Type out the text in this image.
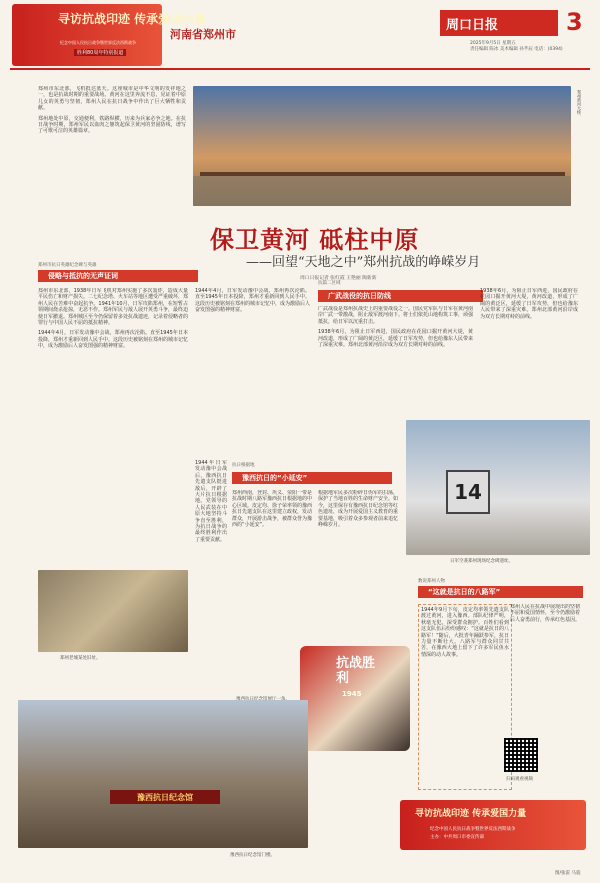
寻访抗战印迹 传承爱国力量
纪念中国人民抗日战争暨世界反法西斯战争
胜利80周年特别报道
河南省郑州市
周口日报	3
2025年9月5日 星期五
责任编辑 陈冰 美术编辑 孙芊辰 电话：(0394)
郑州市东北部，飞机抵达蓝天。这座城市是中华文明的发祥地之一，也是抗战时期的重要战场。黄河在这里奔流不息，见证着中原儿女的英勇与坚韧，郑州人民在抗日战争中作出了巨大牺牲和贡献。
郑州地处中原，交通便利，铁路纵横，历来为兵家必争之地。在抗日战争时期，郑州军民以血肉之躯筑起保卫黄河的坚固防线，谱写了可歌可泣的英雄篇章。
郑州黄河大桥。
保卫黄河 砥柱中原
——回望“天地之中”郑州抗战的峥嵘岁月
周口日报记者 张红霞 王艳丽 陶新新
郑州市抗日英雄纪念碑与英雄
侵略与抵抗的无声证词
郑州市东北部，1938年日军飞机对郑州实施了多次轰炸，造成大量平民伤亡和财产损失。二七纪念塔、火车站等地区遭受严重破坏，郑州人民在苦难中奋起抗争。1941年10月，日军攻陷郑州，在短暂占领期间烧杀抢掠，无恶不作。郑州军民与敌人展开英勇斗争，最终迫使日军撤退。郑州城区至今仍保留着多处抗战遗迹，记录着侵略者的罪行与中国人民不屈的抵抗精神。
1944年4月，日军发动豫中会战，郑州再次沦陷。直至1945年日本投降，郑州才重新回到人民手中。这段历史被铭刻在郑州的城市记忆中，成为激励后人奋发图强的精神财富。
郑州老城某处旧址。
1944年4月，日军发动豫中会战，郑州再次沦陷。直至1945年日本投降，郑州才重新回到人民手中。这段历史被铭刻在郑州的城市记忆中，成为激励后人奋发图强的精神财富。
抗篇二区域
广武战役的抗日防线
广武战役是郑州抗战史上的重要战役之一。国民党军队与日军在黄河南岸广武一带激战，阻止敌军渡河南下。将士们依托山地构筑工事，顽强抵抗，给日军以沉重打击。
1938年6月，为阻止日军西进，国民政府在花园口掘开黄河大堤，黄河改道，形成了广阔的黄泛区，延缓了日军攻势，但也给豫东人民带来了深重灾难。郑州北部黄河沿岸成为双方长期对峙的前线。
1938年6月，为阻止日军西进，国民政府在花园口掘开黄河大堤，黄河改道，形成了广阔的黄泛区，延缓了日军攻势，但也给豫东人民带来了深重灾难。郑州北部黄河沿岸成为双方长期对峙的前线。
抗日根据地
豫西抗日的“小延安”
郑州西南，登封、巩义、荥阳一带是抗战时期八路军豫西抗日根据地的中心区域。皮定均、徐子荣率领的豫西抗日先遣支队在这里建立政权，发动群众，开展游击战争，被群众誉为豫西的“小延安”。
根据地军民多次粉碎日伪军的扫荡，保护了当地百姓的生命财产安全。如今，这里保存有豫西抗日纪念馆等红色遗址，成为开展爱国主义教育的重要基地，吸引着众多参观者前来追忆峥嵘岁月。
1944年日军发动豫中会战后，豫西抗日先遣支队挺进敌后，开辟了大片抗日根据地。党领导的人民武装在中原大地坚持斗争直至胜利，为抗日战争的最终胜利作出了重要贡献。
14
日军空袭郑州现场纪念碑遗址。
数说郑州人物
“这就是抗日的八路军”
1944年9月下旬，皮定均率领先遣支队渡过黄河，进入豫西。部队纪律严明，秋毫无犯，深受群众拥护。百姓们看到这支队伍后纷纷感叹：“这就是抗日的八路军！”随后，大批青年踊跃参军，抗日力量不断壮大。八路军与群众同甘共苦，在豫西大地上留下了许多军民鱼水情深的动人故事。
郑州人民在抗战中展现出的坚韧不屈和爱国情怀，至今仍激励着后人奋勇前行，传承红色基因。
扫码观看视频
抗战胜利
1945
豫西抗日纪念馆
豫西抗日纪念馆门楼。
寻访抗战印迹 传承爱国力量
纪念中国人民抗日战争暨世界反法西斯战争
主办：中共周口市委宣传部
图/张雷 马骁
